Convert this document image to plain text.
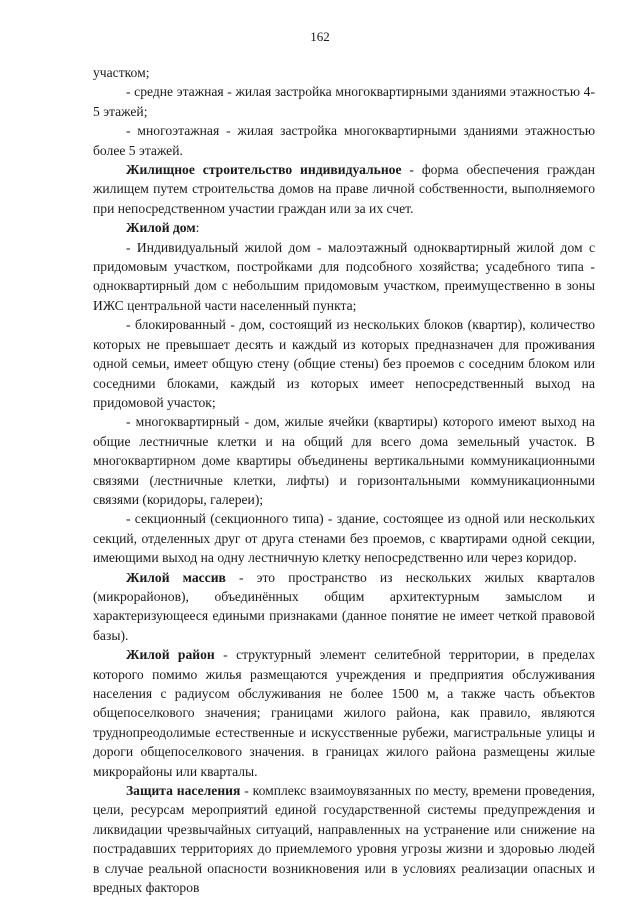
162

участком;

- средне этажная - жилая застройка многоквартирными зданиями этажностью 4-5 этажей;

- многоэтажная - жилая застройка многоквартирными зданиями этажностью более 5 этажей.

Жилищное строительство индивидуальное - форма обеспечения граждан жилищем путем строительства домов на праве личной собственности, выполняемого при непосредственном участии граждан или за их счет.

Жилой дом:

- Индивидуальный жилой дом - малоэтажный одноквартирный жилой дом с придомовым участком, постройками для подсобного хозяйства; усадебного типа - одноквартирный дом с небольшим придомовым участком, преимущественно в зоны ИЖС центральной части населенный пункта;

- блокированный - дом, состоящий из нескольких блоков (квартир), количество которых не превышает десять и каждый из которых предназначен для проживания одной семьи, имеет общую стену (общие стены) без проемов с соседним блоком или соседними блоками, каждый из которых имеет непосредственный выход на придомовой участок;

- многоквартирный - дом, жилые ячейки (квартиры) которого имеют выход на общие лестничные клетки и на общий для всего дома земельный участок. В многоквартирном доме квартиры объединены вертикальными коммуникационными связями (лестничные клетки, лифты) и горизонтальными коммуникационными связями (коридоры, галереи);

- секционный (секционного типа) - здание, состоящее из одной или нескольких секций, отделенных друг от друга стенами без проемов, с квартирами одной секции, имеющими выход на одну лестничную клетку непосредственно или через коридор.

Жилой массив - это пространство из нескольких жилых кварталов (микрорайонов), объединённых общим архитектурным замыслом и характеризующееся едиными признаками (данное понятие не имеет четкой правовой базы).

Жилой район - структурный элемент селитебной территории, в пределах которого помимо жилья размещаются учреждения и предприятия обслуживания населения с радиусом обслуживания не более 1500 м, а также часть объектов общепоселкового значения; границами жилого района, как правило, являются труднопреодолимые естественные и искусственные рубежи, магистральные улицы и дороги общепоселкового значения. в границах жилого района размещены жилые микрорайоны или кварталы.

Защита населения - комплекс взаимоувязанных по месту, времени проведения, цели, ресурсам мероприятий единой государственной системы предупреждения и ликвидации чрезвычайных ситуаций, направленных на устранение или снижение на пострадавших территориях до приемлемого уровня угрозы жизни и здоровью людей в случае реальной опасности возникновения или в условиях реализации опасных и вредных факторов
